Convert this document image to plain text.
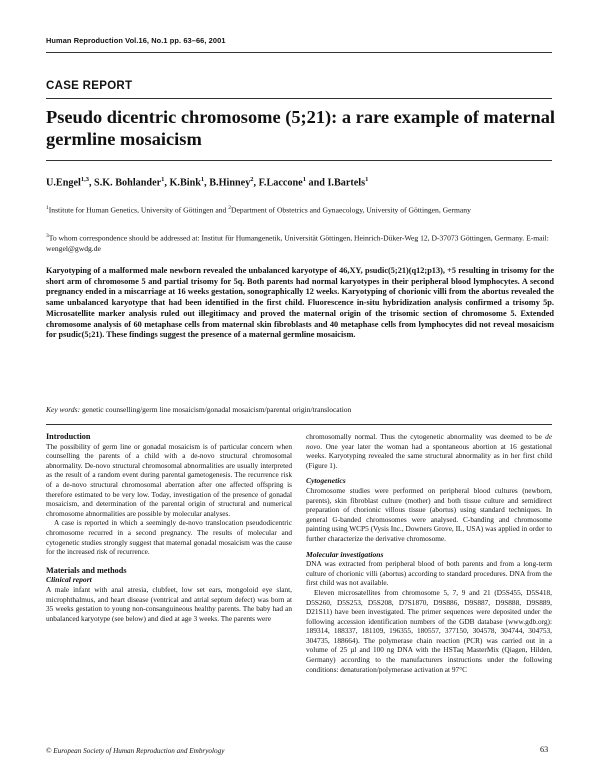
Human Reproduction Vol.16, No.1 pp. 63–66, 2001
CASE REPORT
Pseudo dicentric chromosome (5;21): a rare example of maternal germline mosaicism
U.Engel$^{1,3}$, S.K. Bohlander$^1$, K.Bink$^1$, B.Hinney$^2$, F.Laccone$^1$ and I.Bartels$^1$
$^1$Institute for Human Genetics, University of Göttingen and $^2$Department of Obstetrics and Gynaecology, University of Göttingen, Germany
$^3$To whom correspondence should be addressed at: Institut für Humangenetik, Universität Göttingen, Heinrich-Düker-Weg 12, D-37073 Göttingen, Germany. E-mail: wengel@gwdg.de
Karyotyping of a malformed male newborn revealed the unbalanced karyotype of 46,XY, psudic(5;21)(q12;p13), +5 resulting in trisomy for the short arm of chromosome 5 and partial trisomy for 5q. Both parents had normal karyotypes in their peripheral blood lymphocytes. A second pregnancy ended in a miscarriage at 16 weeks gestation, sonographically 12 weeks. Karyotyping of chorionic villi from the abortus revealed the same unbalanced karyotype that had been identified in the first child. Fluorescence in-situ hybridization analysis confirmed a trisomy 5p. Microsatellite marker analysis ruled out illegitimacy and proved the maternal origin of the trisomic section of chromosome 5. Extended chromosome analysis of 60 metaphase cells from maternal skin fibroblasts and 40 metaphase cells from lymphocytes did not reveal mosaicism for psudic(5;21). These findings suggest the presence of a maternal germline mosaicism.
Key words: genetic counselling/germ line mosaicism/gonadal mosaicism/parental origin/translocation

Introduction

The possibility of germ line or gonadal mosaicism is of particular concern when counselling the parents of a child with a de-novo structural chromosomal abnormality. De-novo structural chromosomal abnormalities are usually interpreted as the result of a random event during parental gametogenesis. The recurrence risk of a de-novo structural chromosomal aberration after one affected offspring is therefore estimated to be very low. Today, investigation of the presence of gonadal mosaicism, and determination of the parental origin of structural and numerical chromosome abnormalities are possible by molecular analyses.

A case is reported in which a seemingly de-novo translocation pseudodicentric chromosome recurred in a second pregnancy. The results of molecular and cytogenetic studies strongly suggest that maternal gonadal mosaicism was the cause for the increased risk of recurrence.

Materials and methods

Clinical report

A male infant with anal atresia, clubfeet, low set ears, mongoloid eye slant, microphthalmus, and heart disease (ventrical and atrial septum defect) was born at 35 weeks gestation to young non-consanguineous healthy parents. The baby had an unbalanced karyotype (see below) and died at age 3 weeks. The parents were

chromosomally normal. Thus the cytogenetic abnormality was deemed to be de novo. One year later the woman had a spontaneous abortion at 16 gestational weeks. Karyotyping revealed the same structural abnormality as in her first child (Figure 1).

Cytogenetics

Chromosome studies were performed on peripheral blood cultures (newborn, parents), skin fibroblast culture (mother) and both tissue culture and semidirect preparation of chorionic villous tissue (abortus) using standard techniques. In general G-banded chromosomes were analysed. C-banding and chromosome painting using WCP5 (Vysis Inc., Downers Grove, IL, USA) was applied in order to further characterize the derivative chromosome.

Molecular investigations

DNA was extracted from peripheral blood of both parents and from a long-term culture of chorionic villi (abortus) according to standard procedures. DNA from the first child was not available.

Eleven microsatellites from chromosome 5, 7, 9 and 21 (D5S455, D5S418, D5S260, D5S253, D5S208, D7S1870, D9S886, D9S887, D9S888, D9S889, D21S11) have been investigated. The primer sequences were deposited under the following accession identification numbers of the GDB database (www.gdb.org): 189314, 188337, 181109, 196355, 180557, 377150, 304578, 304744, 304753, 304735, 188664). The polymerase chain reaction (PCR) was carried out in a volume of 25 µl and 100 ng DNA with the HSTaq MasterMix (Qiagen, Hilden, Germany) according to the manufacturers instructions under the following conditions: denaturation/polymerase activation at 97°C

© European Society of Human Reproduction and Embryology	63
